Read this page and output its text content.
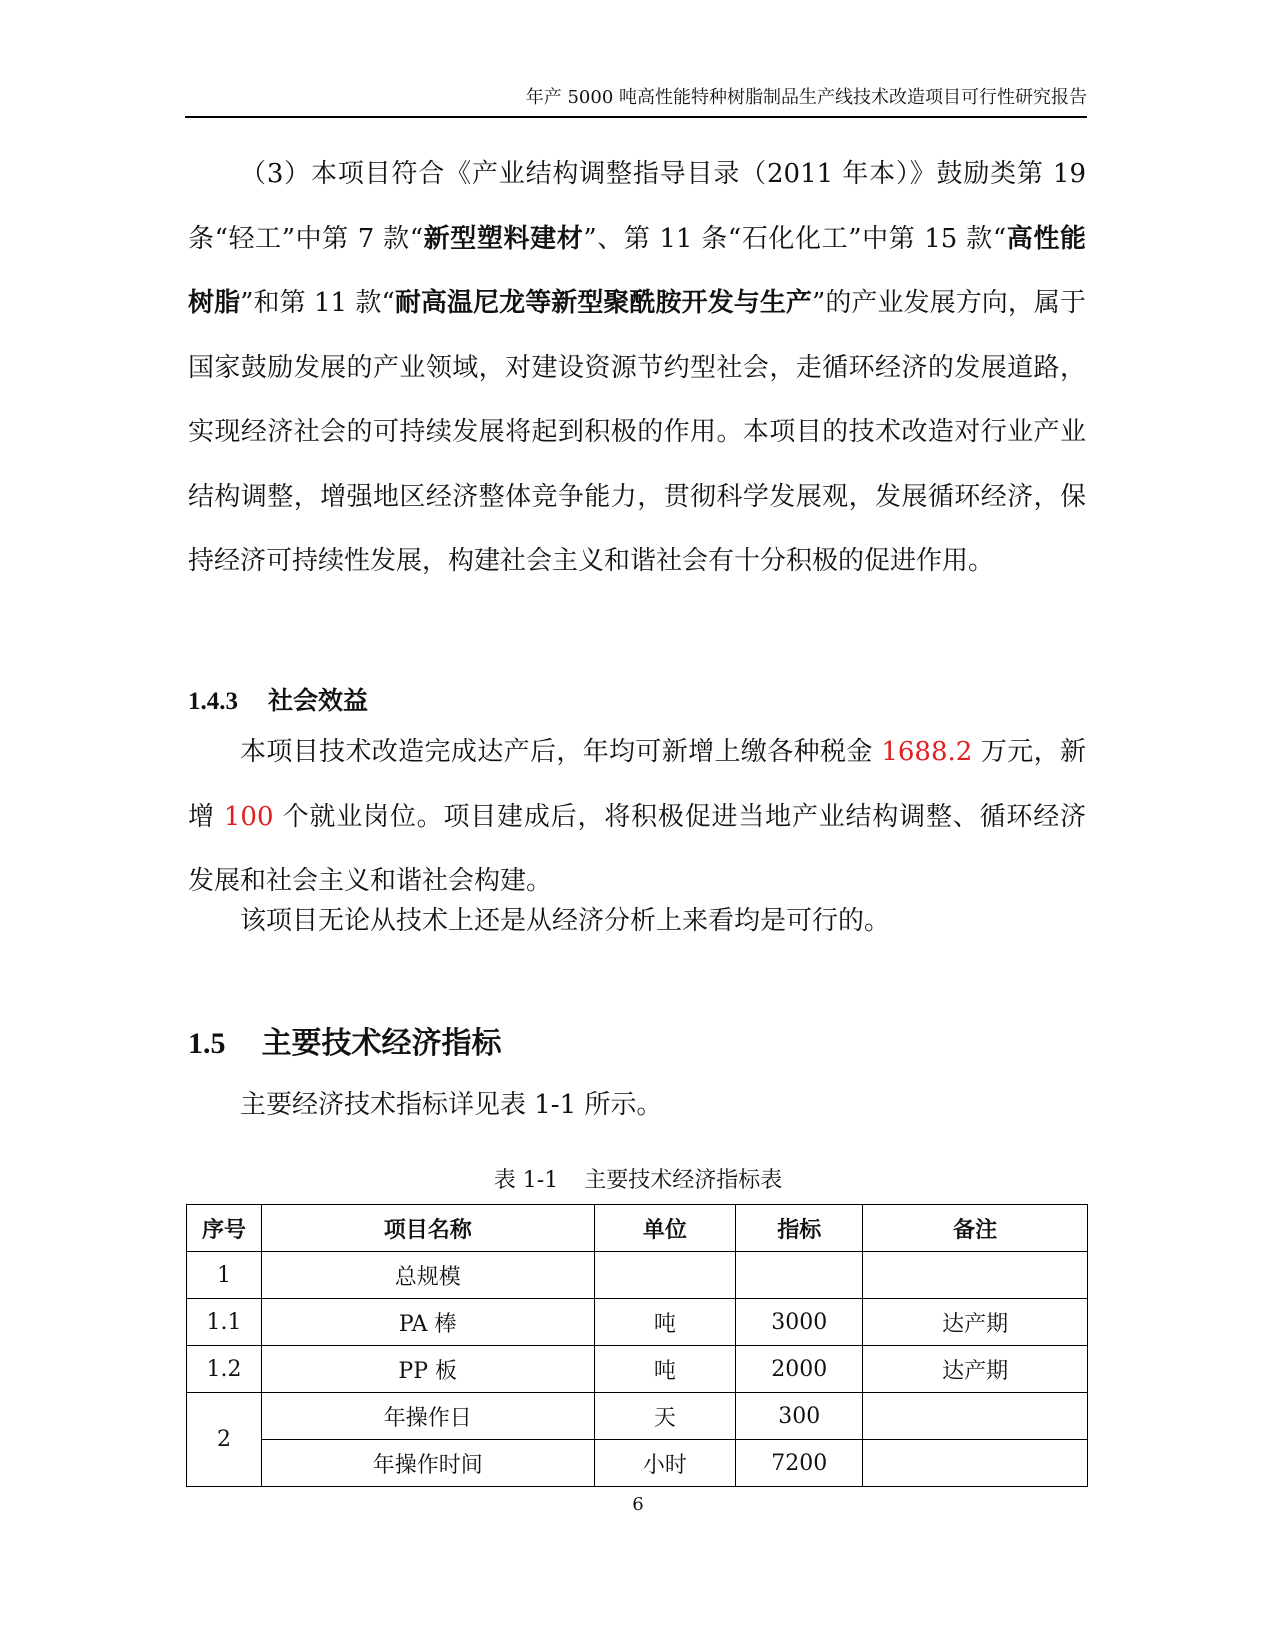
年产 5000 吨高性能特种树脂制品生产线技术改造项目可行性研究报告

（3）本项目符合《产业结构调整指导目录（2011 年本）》鼓励类第 19 条“轻工”中第 7 款“新型塑料建材”、第 11 条“石化化工”中第 15 款“高性能树脂”和第 11 款“耐高温尼龙等新型聚酰胺开发与生产”的产业发展方向，属于国家鼓励发展的产业领域，对建设资源节约型社会，走循环经济的发展道路，实现经济社会的可持续发展将起到积极的作用。本项目的技术改造对行业产业结构调整，增强地区经济整体竞争能力，贯彻科学发展观，发展循环经济，保持经济可持续性发展，构建社会主义和谐社会有十分积极的促进作用。

1.4.3 社会效益

本项目技术改造完成达产后，年均可新增上缴各种税金 1688.2 万元，新增 100 个就业岗位。项目建成后，将积极促进当地产业结构调整、循环经济发展和社会主义和谐社会构建。

该项目无论从技术上还是从经济分析上来看均是可行的。

1.5 主要技术经济指标

主要经济技术指标详见表 1-1 所示。

表 1-1 主要技术经济指标表
序号	项目名称	单位	指标	备注
1	总规模			
1.1	PA 棒	吨	3000	达产期
1.2	PP 板	吨	2000	达产期
2	年操作日	天	300	
	年操作时间	小时	7200	
6
